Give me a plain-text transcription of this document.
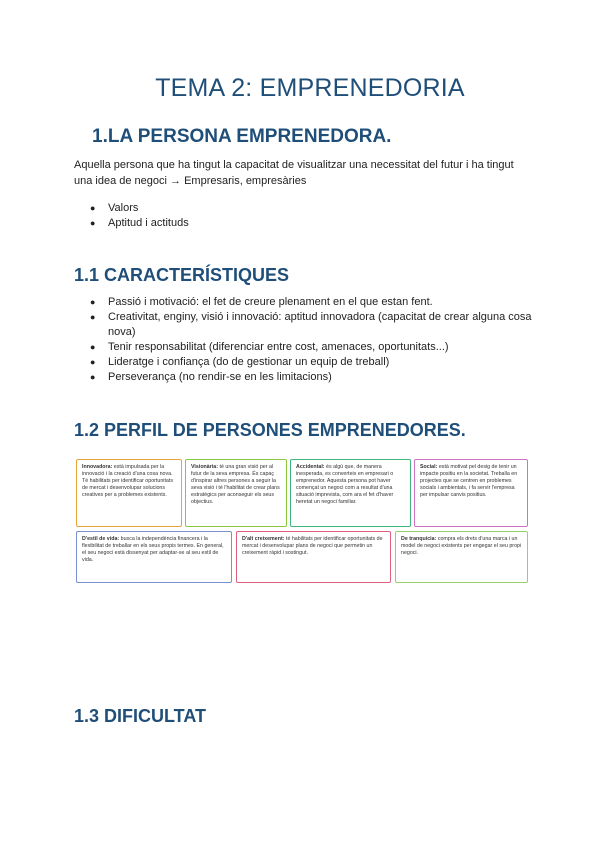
TEMA 2: EMPRENEDORIA
1.LA PERSONA EMPRENEDORA.
Aquella persona que ha tingut la capacitat de visualitzar una necessitat del futur i ha tingut una idea de negoci → Empresaris, empresàries
● Valors
● Aptitud i actituds
1.1 CARACTERÍSTIQUES
● Passió i motivació: el fet de creure plenament en el que estan fent.
● Creativitat, enginy, visió i innovació: aptitud innovadora (capacitat de crear alguna cosa nova)
● Tenir responsabilitat (diferenciar entre cost, amenaces, oportunitats...)
● Lideratge i confiança (do de gestionar un equip de treball)
● Perseverança (no rendir-se en les limitacions)
1.2 PERFIL DE PERSONES EMPRENEDORES.
Innovadora: està impulsada per la innovació i la creació d'una cosa nova. Té habilitats per identificar oportunitats de mercat i desenvolupar solucions creatives per a problemes existents.
Visionària: té una gran visió per al futur de la seva empresa. És capaç d'inspirar altres persones a seguir la seva visió i té l'habilitat de crear plans estratègics per aconseguir els seus objectius.
Accidental: és algú que, de manera inesperada, es converteix en empresari o emprenedor. Aquesta persona pot haver començat un negoci com a resultat d'una situació imprevista, com ara el fet d'haver heretat un negoci familiar.
Social: està motivat pel desig de tenir un impacte positiu en la societat. Treballa en projectes que se centren en problemes socials i ambientals, i fa servir l'empresa per impulsar canvis positius.
D'estil de vida: busca la independència financera i la flexibilitat de treballar en els seus propis termes. En general, el seu negoci està dissenyat per adaptar-se al seu estil de vida.
D'alt creixement: té habilitats per identificar oportunitats de mercat i desenvolupar plans de negoci que permetin un creixement ràpid i sostingut.
De tranquícia: compra els drets d'una marca i un model de negoci existents per engegar el seu propi negoci.
1.3 DIFICULTAT
